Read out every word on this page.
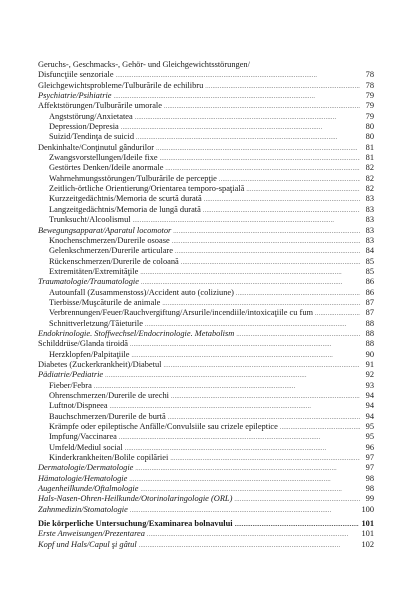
Geruchs-, Geschmacks-, Gehör- und Gleichgewichtsstörungen/
Disfuncţiile senzoriale . . .	78
Gleichgewichtsprobleme/Tulburările de echilibru . . .	78
Psychiatrie/Psihiatrie . . .	79
Affektstörungen/Tulburările umorale . . .	79
Angststörung/Anxietatea . . .	79
Depression/Depresia . . .	80
Suizid/Tendinţa de suicid . . .	80
Denkinhalte/Conţinutul gândurilor . . .	81
Zwangsvorstellungen/Ideile fixe . . .	81
Gestörtes Denken/Ideile anormale . . .	82
Wahrnehmungsstörungen/Tulburările de percepţie . . .	82
Zeitlich-örtliche Orientierung/Orientarea temporo-spaţială . . .	82
Kurzzeitgedächtnis/Memoria de scurtă durată . . .	83
Langzeitgedächtnis/Memoria de lungă durată . . .	83
Trunksucht/Alcoolismul . . .	83
Bewegungsapparat/Aparatul locomotor . . .	83
Knochenschmerzen/Durerile osoase . . .	83
Gelenkschmerzen/Durerile articulare . . .	84
Rückenschmerzen/Durerile de coloană . . .	85
Extremitäten/Extremităţile . . .	85
Traumatologie/Traumatologie . . .	86
Autounfall (Zusammenstoss)/Accident auto (coliziune) . . .	86
Tierbisse/Muşcăturile de animale . . .	87
Verbrennungen/Feuer/Rauchvergiftung/Arsurile/incendiile/intoxicaţiile cu fum . . .	87
Schnittverletzung/Tăieturile . . .	88
Endokrinologie. Stoffwechsel/Endocrinologie. Metabolism . . .	88
Schilddrüse/Glanda tiroidă . . .	88
Herzklopfen/Palpitaţiile . . .	90
Diabetes (Zuckerkrankheit)/Diabetul . . .	91
Pädiatrie/Pediatrie . . .	92
Fieber/Febra . . .	93
Ohrenschmerzen/Durerile de urechi . . .	94
Luftnot/Dispneea . . .	94
Bauchschmerzen/Durerile de burtă . . .	94
Krämpfe oder epileptische Anfälle/Convulsiile sau crizele epileptice . . .	95
Impfung/Vaccinarea . . .	95
Umfeld/Mediul social . . .	96
Kinderkrankheiten/Bolile copilăriei . . .	97
Dermatologie/Dermatologie . . .	97
Hämatologie/Hematologie . . .	98
Augenheilkunde/Oftalmologie . . .	98
Hals-Nasen-Ohren-Heilkunde/Otorinolaringologie (ORL) . . .	99
Zahnmedizin/Stomatologie . . .	100
Die körperliche Untersuchung/Examinarea bolnavului . . .	101
Erste Anweisungen/Prezentarea . . .	101
Kopf und Hals/Capul şi gâtul . . .	102
